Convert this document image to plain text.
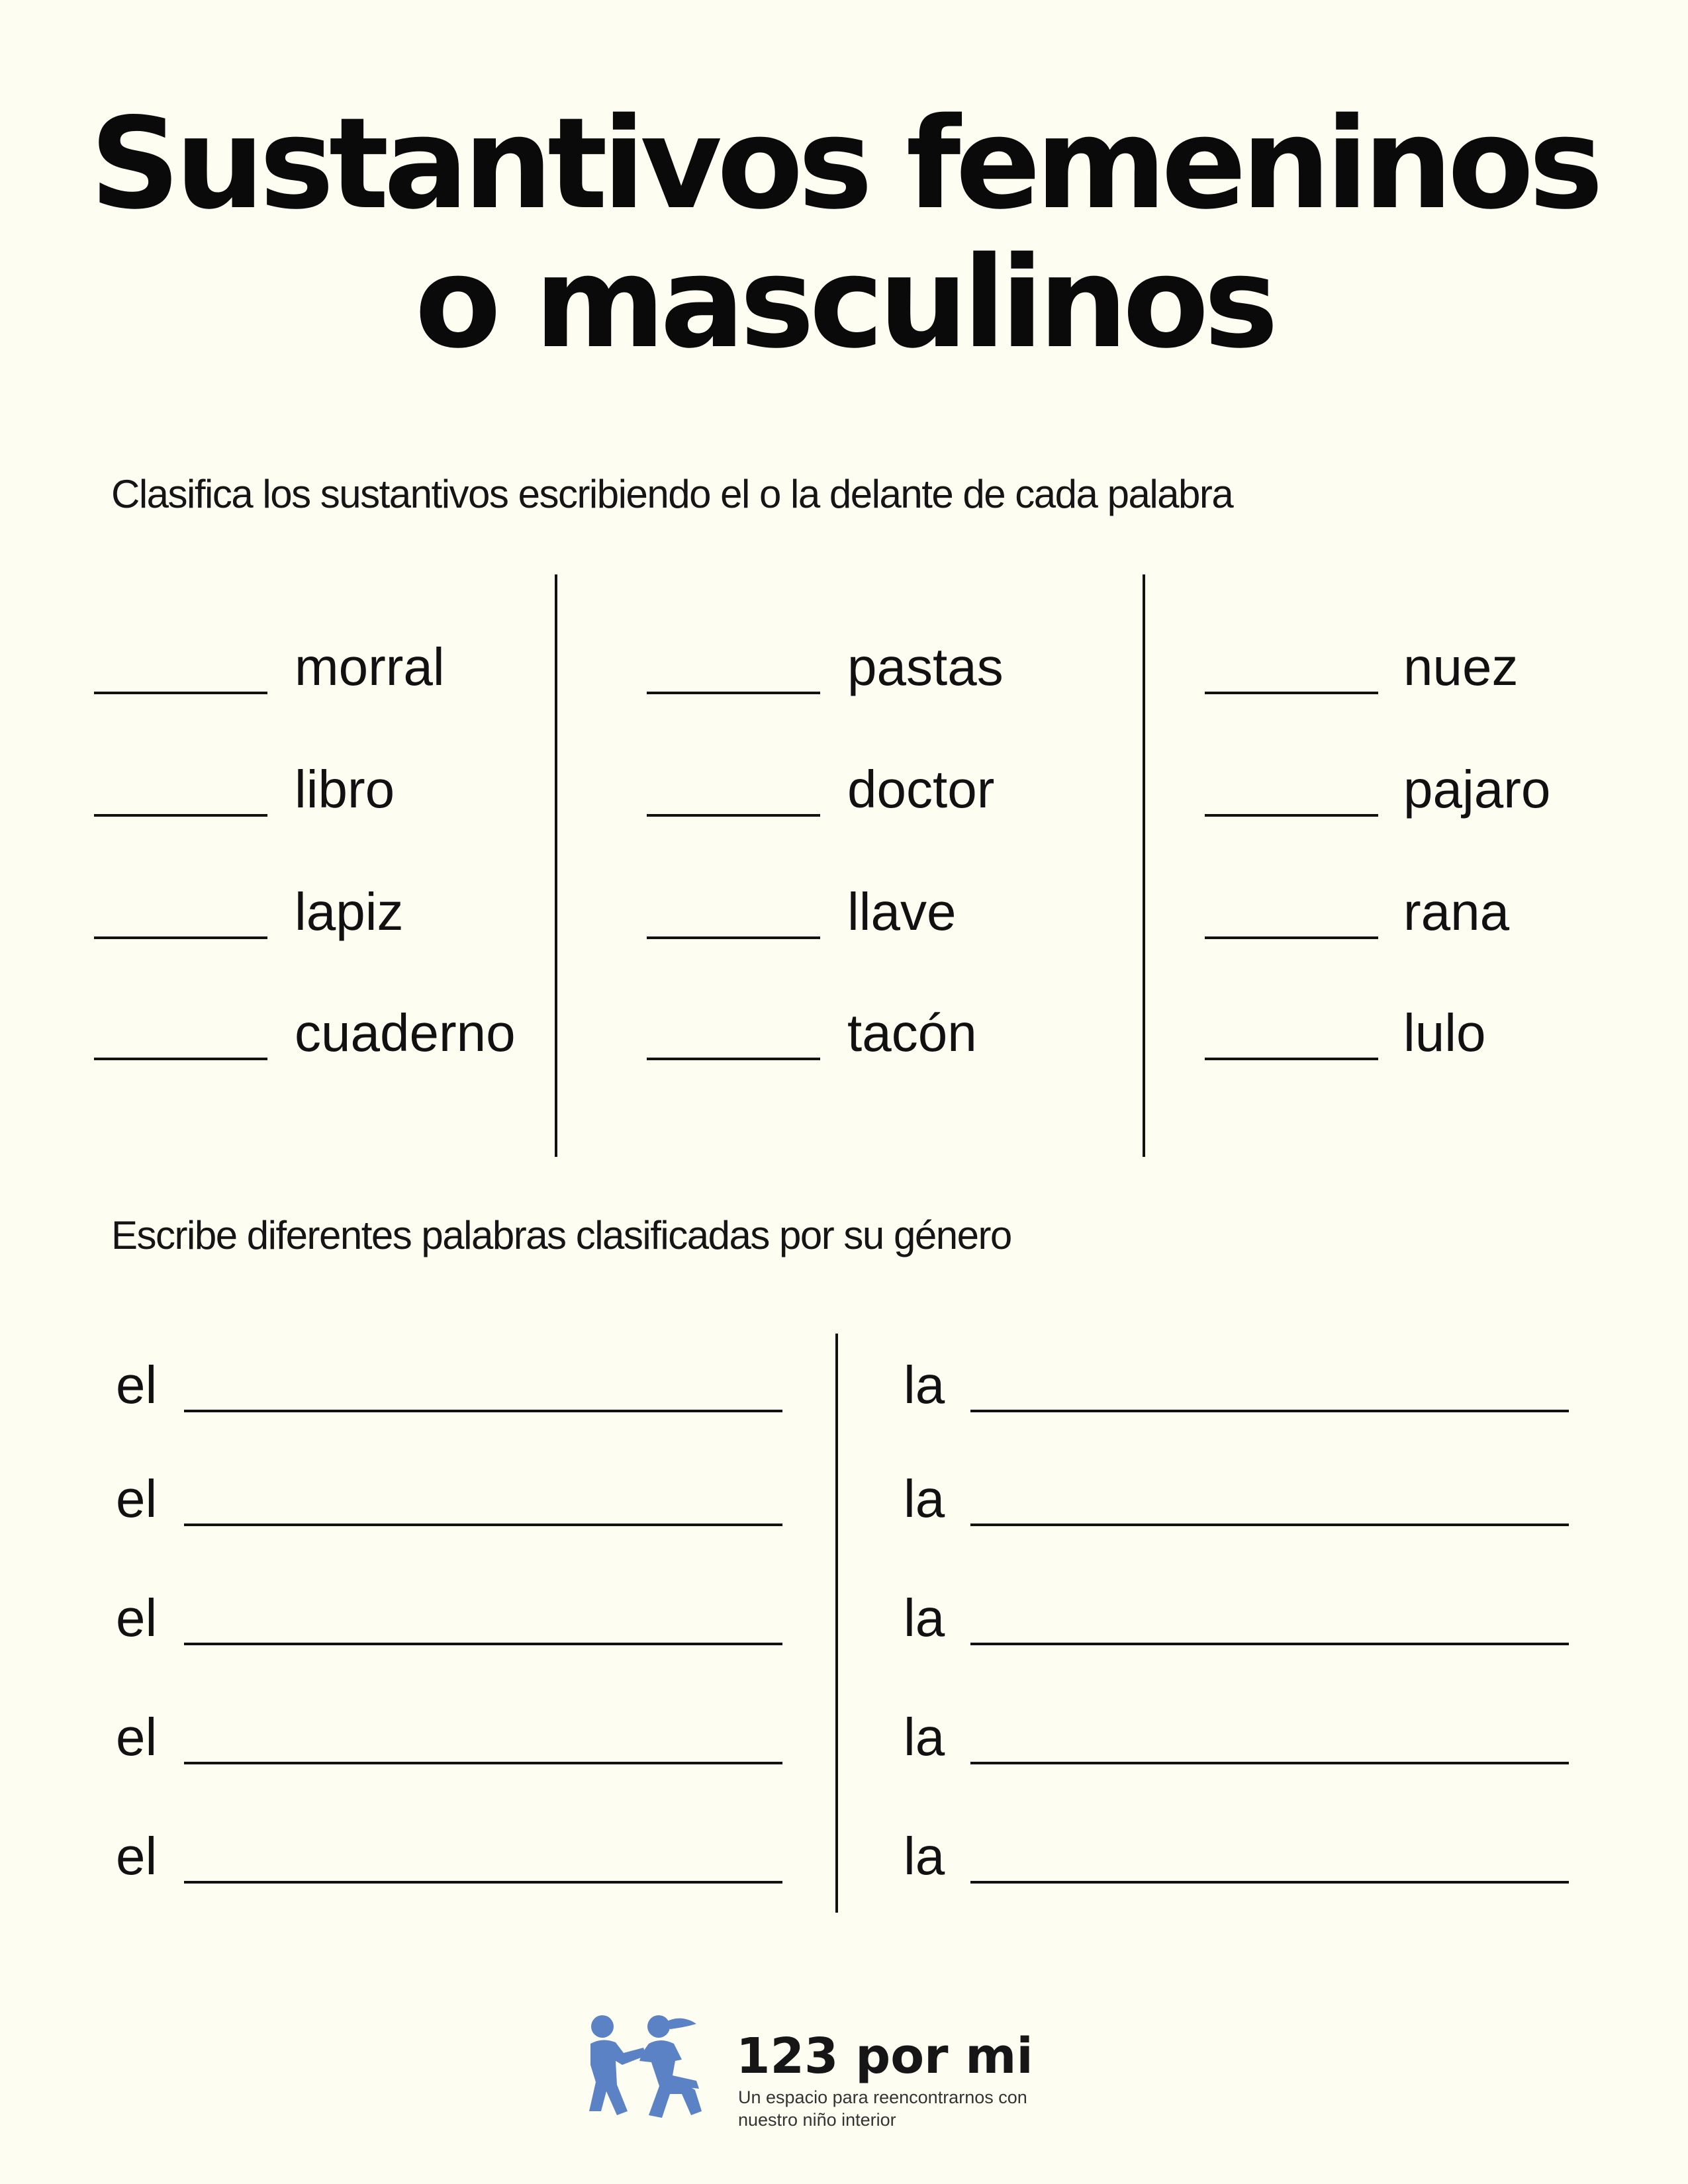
Sustantivos femeninos
o masculinos
Clasifica los sustantivos escribiendo el o la delante de cada palabra
morral
libro
lapiz
cuaderno
pastas
doctor
llave
tacón
nuez
pajaro
rana
lulo
Escribe diferentes palabras clasificadas por su género
el	la
el	la
el	la
el	la
el	la
123 por mi
Un espacio para reencontrarnos con nuestro niño interior
